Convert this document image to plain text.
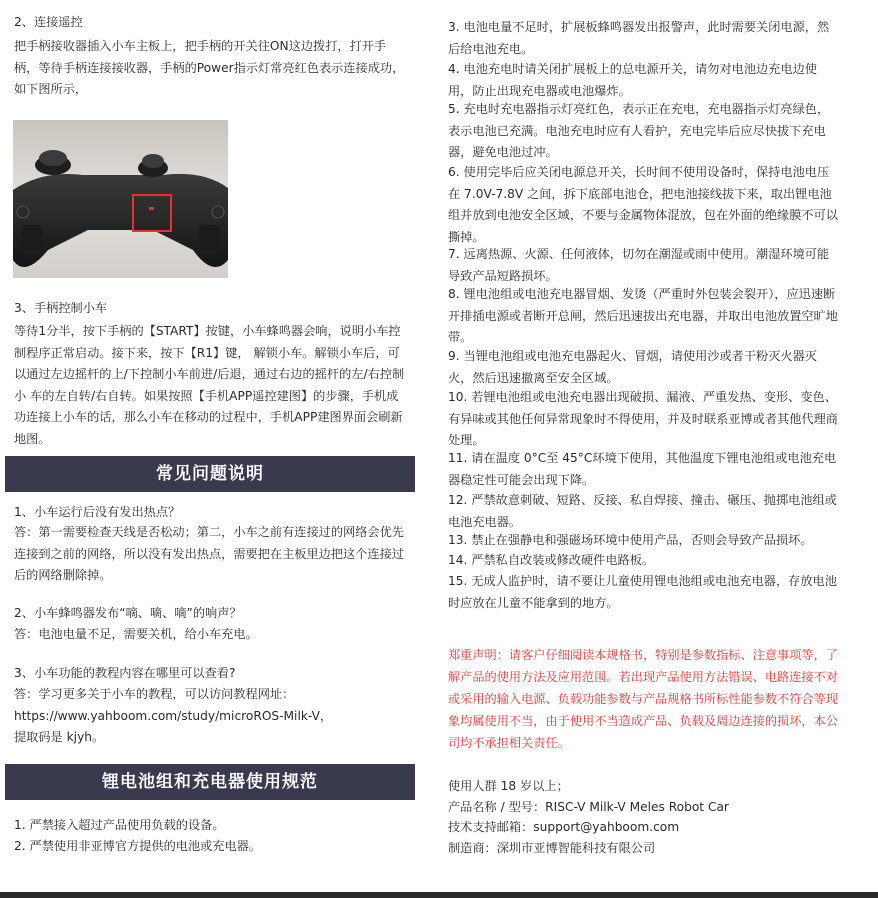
2、连接遥控

把手柄接收器插入小车主板上，把手柄的开关往ON这边拨打，打开手柄，等待手柄连接接收器，手柄的Power指示灯常亮红色表示连接成功，如下图所示，

3、手柄控制小车

等待1分半，按下手柄的【START】按键，小车蜂鸣器会响，说明小车控制程序正常启动。接下来，按下【R1】键， 解锁小车。解锁小车后，可以通过左边摇杆的上/下控制小车前进/后退，通过右边的摇杆的左/右控制小 车的左自转/右自转。如果按照【手机APP遥控建图】的步骤，手机成功连接上小车的话，那么小车在移动的过程中，手机APP建图界面会刷新地图。

常见问题说明

1、小车运行后没有发出热点？

答：第一需要检查天线是否松动；第二，小车之前有连接过的网络会优先连接到之前的网络，所以没有发出热点，需要把在主板里边把这个连接过后的网络删除掉。

2、小车蜂鸣器发布“嘀、嘀、嘀”的响声？

答：电池电量不足，需要关机，给小车充电。

3、小车功能的教程内容在哪里可以查看?

答：学习更多关于小车的教程，可以访问教程网址：

https://www.yahboom.com/study/microROS-Milk-V，

提取码是 kjyh。

锂电池组和充电器使用规范

1. 严禁接入超过产品使用负载的设备。

2. 严禁使用非亚博官方提供的电池或充电器。

3. 电池电量不足时，扩展板蜂鸣器发出报警声，此时需要关闭电源，然后给电池充电。

4. 电池充电时请关闭扩展板上的总电源开关，请勿对电池边充电边使用，防止出现充电器或电池爆炸。

5. 充电时充电器指示灯亮红色，表示正在充电，充电器指示灯亮绿色，表示电池已充满。电池充电时应有人看护，充电完毕后应尽快拔下充电器，避免电池过冲。

6. 使用完毕后应关闭电源总开关，长时间不使用设备时，保持电池电压在 7.0V-7.8V 之间，拆下底部电池仓，把电池接线拔下来，取出锂电池组并放到电池安全区域，不要与金属物体混放，包在外面的绝缘膜不可以撕掉。

7. 远离热源、火源、任何液体，切勿在潮湿或雨中使用。潮湿环境可能导致产品短路损坏。

8. 锂电池组或电池充电器冒烟、发烫（严重时外包装会裂开），应迅速断开排插电源或者断开总闸，然后迅速拔出充电器，并取出电池放置空旷地带。

9. 当锂电池组或电池充电器起火、冒烟，请使用沙或者干粉灭火器灭火，然后迅速撤离至安全区域。

10. 若锂电池组或电池充电器出现破损、漏液、严重发热、变形、变色、有异味或其他任何异常现象时不得使用，并及时联系亚博或者其他代理商处理。

11. 请在温度 0°C至 45°C环境下使用，其他温度下锂电池组或电池充电器稳定性可能会出现下降。

12. 严禁故意刺破、短路、反接、私自焊接、撞击、碾压、抛掷电池组或电池充电器。

13. 禁止在强静电和强磁场环境中使用产品，否则会导致产品损坏。

14. 严禁私自改装或修改硬件电路板。

15. 无成人监护时，请不要让儿童使用锂电池组或电池充电器，存放电池时应放在儿童不能拿到的地方。

郑重声明：请客户仔细阅读本规格书，特别是参数指标、注意事项等，了解产品的使用方法及应用范围。若出现产品使用方法错误、电路连接不对或采用的输入电源、负载功能参数与产品规格书所标性能参数不符合等现象均属使用不当，由于使用不当造成产品、负载及周边连接的损坏，本公司均不承担相关责任。

使用人群 18 岁以上；

产品名称 / 型号：RISC-V Milk-V Meles Robot Car

技术支持邮箱：support@yahboom.com

制造商：深圳市亚博智能科技有限公司
